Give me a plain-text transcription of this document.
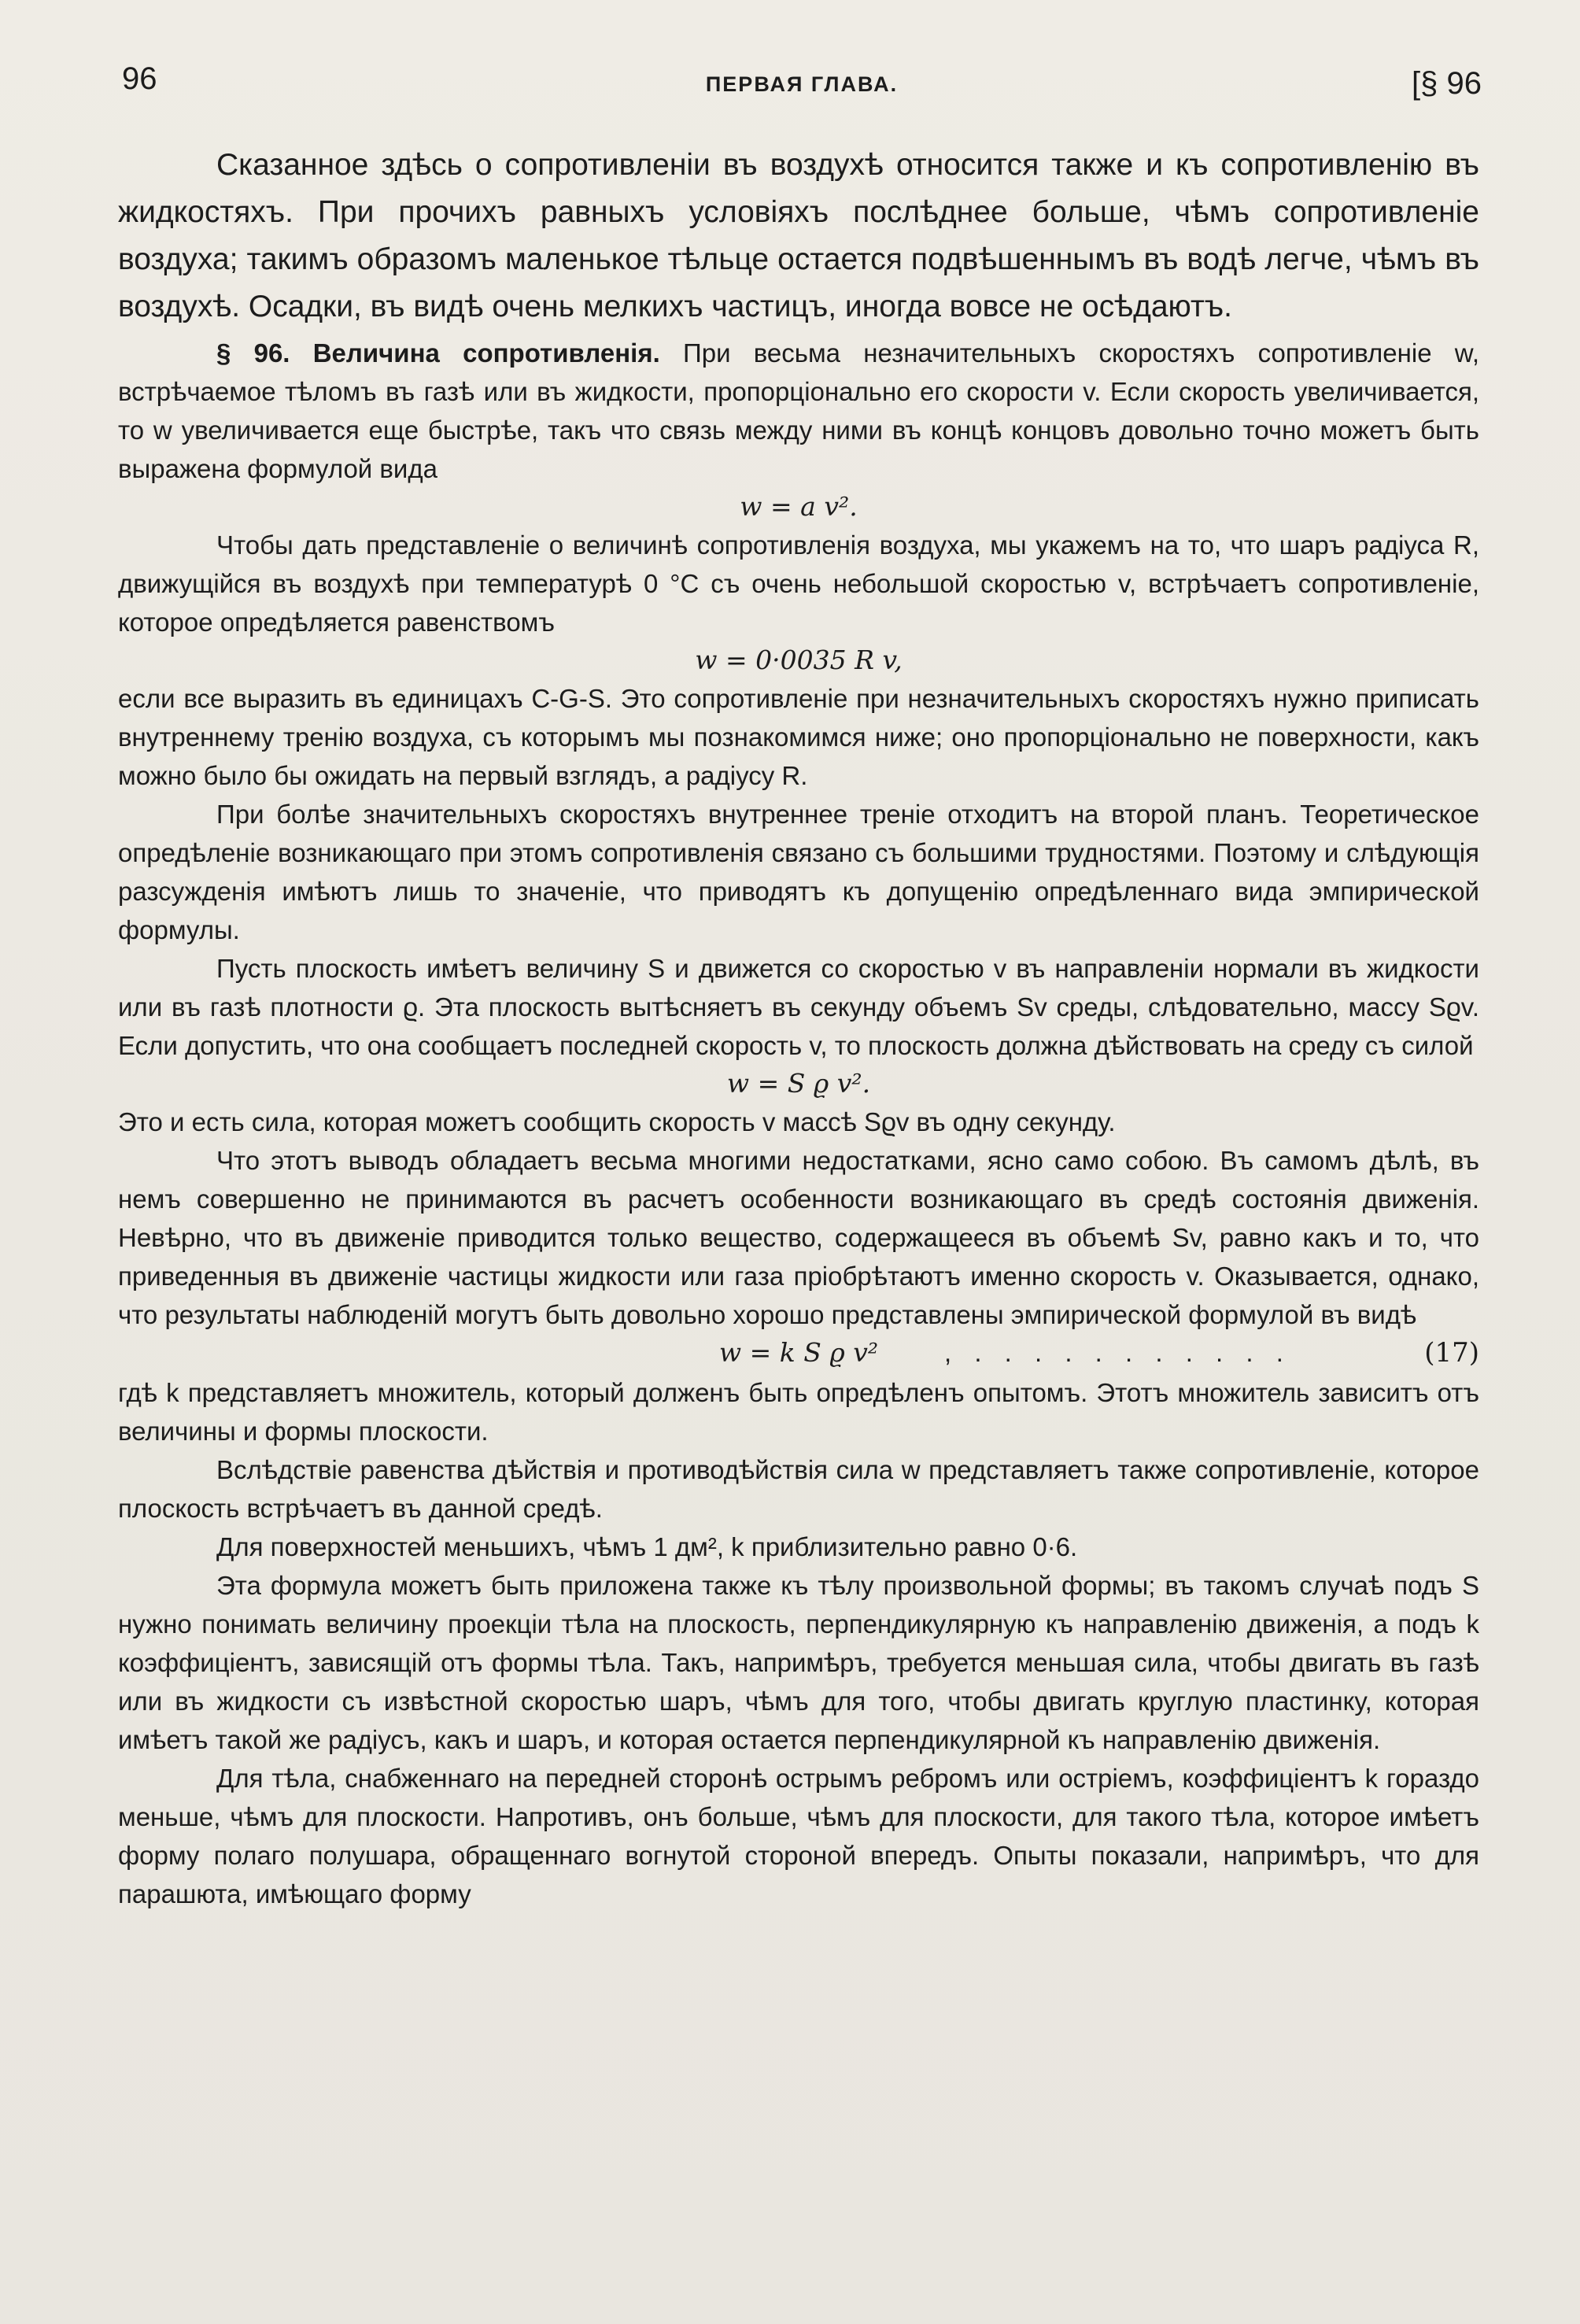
96	ПЕРВАЯ ГЛАВА.	[§ 96

Сказанное здѣсь о сопротивленіи въ воздухѣ относится также и къ сопротивленію въ жидкостяхъ. При прочихъ равныхъ условіяхъ послѣднее больше, чѣмъ сопротивленіе воздуха; такимъ образомъ маленькое тѣльце остается подвѣшеннымъ въ водѣ легче, чѣмъ въ воздухѣ. Осадки, въ видѣ очень мелкихъ частицъ, иногда вовсе не осѣдаютъ.

§ 96. Величина сопротивленія. При весьма незначительныхъ скоростяхъ сопротивленіе w, встрѣчаемое тѣломъ въ газѣ или въ жидкости, пропорціонально его скорости v. Если скорость увеличивается, то w увеличивается еще быстрѣе, такъ что связь между ними въ концѣ концовъ довольно точно можетъ быть выражена формулой вида

w = a v².

Чтобы дать представленіе о величинѣ сопротивленія воздуха, мы укажемъ на то, что шаръ радіуса R, движущійся въ воздухѣ при температурѣ 0 °C съ очень небольшой скоростью v, встрѣчаетъ сопротивленіе, которое опредѣляется равенствомъ

w = 0·0035 R v,

если все выразить въ единицахъ C-G-S. Это сопротивленіе при незначительныхъ скоростяхъ нужно приписать внутреннему тренію воздуха, съ которымъ мы познакомимся ниже; оно пропорціонально не поверхности, какъ можно было бы ожидать на первый взглядъ, а радіусу R.

При болѣе значительныхъ скоростяхъ внутреннее треніе отходитъ на второй планъ. Теоретическое опредѣленіе возникающаго при этомъ сопротивленія связано съ большими трудностями. Поэтому и слѣдующія разсужденія имѣютъ лишь то значеніе, что приводятъ къ допущенію опредѣленнаго вида эмпирической формулы.

Пусть плоскость имѣетъ величину S и движется со скоростью v въ направленіи нормали въ жидкости или въ газѣ плотности ϱ. Эта плоскость вытѣсняетъ въ секунду объемъ Sv среды, слѣдовательно, массу Sϱv. Если допустить, что она сообщаетъ последней скорость v, то плоскость должна дѣйствовать на среду съ силой

w = S ϱ v².

Это и есть сила, которая можетъ сообщить скорость v массѣ Sϱv въ одну секунду.

Что этотъ выводъ обладаетъ весьма многими недостатками, ясно само собою. Въ самомъ дѣлѣ, въ немъ совершенно не принимаются въ расчетъ особенности возникающаго въ средѣ состоянія движенія. Невѣрно, что въ движеніе приводится только вещество, содержащееся въ объемѣ Sv, равно какъ и то, что приведенныя въ движеніе частицы жидкости или газа пріобрѣтаютъ именно скорость v. Оказывается, однако, что результаты наблюденій могутъ быть довольно хорошо представлены эмпирической формулой въ видѣ

w = k S ϱ v²	, . . . . . . . . . . .	(17)

гдѣ k представляетъ множитель, который долженъ быть опредѣленъ опытомъ. Этотъ множитель зависитъ отъ величины и формы плоскости.

Вслѣдствіе равенства дѣйствія и противодѣйствія сила w представляетъ также сопротивленіе, которое плоскость встрѣчаетъ въ данной средѣ.

Для поверхностей меньшихъ, чѣмъ 1 дм², k приблизительно равно 0·6.

Эта формула можетъ быть приложена также къ тѣлу произвольной формы; въ такомъ случаѣ подъ S нужно понимать величину проекціи тѣла на плоскость, перпендикулярную къ направленію движенія, а подъ k коэффиціентъ, зависящій отъ формы тѣла. Такъ, напримѣръ, требуется меньшая сила, чтобы двигать въ газѣ или въ жидкости съ извѣстной скоростью шаръ, чѣмъ для того, чтобы двигать круглую пластинку, которая имѣетъ такой же радіусъ, какъ и шаръ, и которая остается перпендикулярной къ направленію движенія.

Для тѣла, снабженнаго на передней сторонѣ острымъ ребромъ или остріемъ, коэффиціентъ k гораздо меньше, чѣмъ для плоскости. Напротивъ, онъ больше, чѣмъ для плоскости, для такого тѣла, которое имѣетъ форму полаго полушара, обращеннаго вогнутой стороной впередъ. Опыты показали, напримѣръ, что для парашюта, имѣющаго форму
